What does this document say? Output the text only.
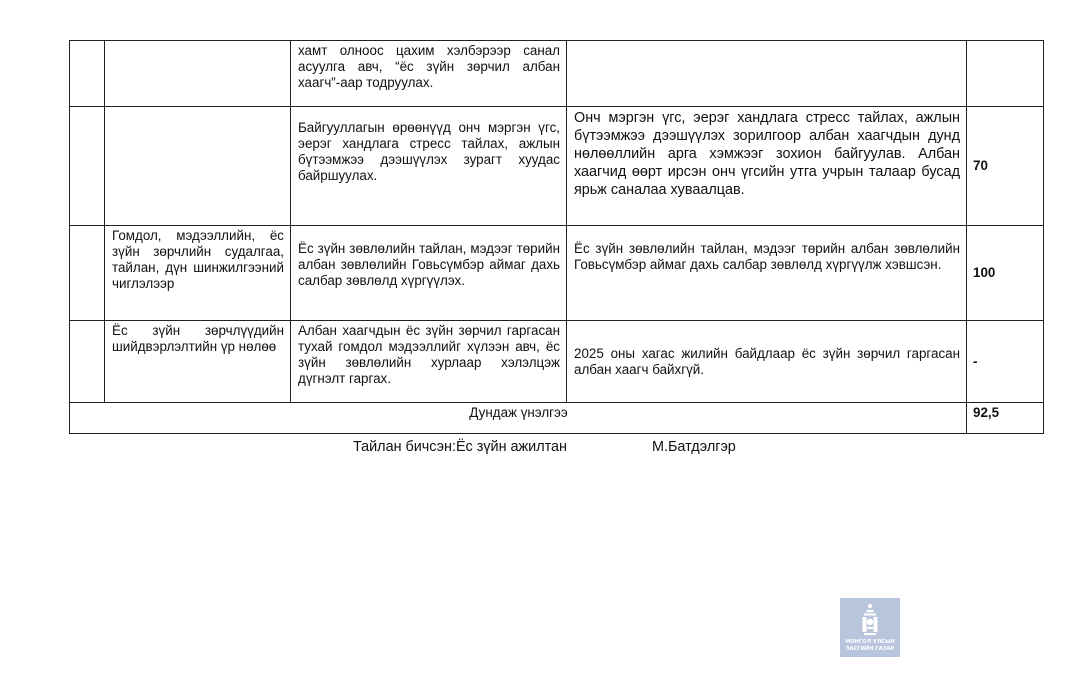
		хамт олноос цахим хэлбэрээр санал асуулга авч, “ёс зүйн зөрчил албан хаагч”-аар тодруулах.		
		Байгууллагын өрөөнүүд онч мэргэн үгс, эерэг хандлага стресс тайлах, ажлын бүтээмжээ дээшүүлэх зурагт хуудас байршуулах.	Онч мэргэн үгс, эерэг хандлага стресс тайлах, ажлын бүтээмжээ дээшүүлэх зорилгоор албан хаагчдын дунд нөлөөллийн арга хэмжээг зохион байгуулав. Албан хаагчид өөрт ирсэн онч үгсийн утга учрын талаар бусад ярьж саналаа хуваалцав.	70
	Гомдол, мэдээллийн, ёс зүйн зөрчлийн судалгаа, тайлан, дүн шинжилгээний чиглэлээр	Ёс зүйн зөвлөлийн тайлан, мэдээг төрийн албан зөвлөлийн Говьсүмбэр аймаг дахь салбар зөвлөлд хүргүүлэх.	Ёс зүйн зөвлөлийн тайлан, мэдээг төрийн албан зөвлөлийн Говьсүмбэр аймаг дахь салбар зөвлөлд хүргүүлж хэвшсэн.	100
	Ёс зүйн зөрчлүүдийн шийдвэрлэлтийн үр нөлөө	Албан хаагчдын ёс зүйн зөрчил гаргасан тухай гомдол мэдээллийг хүлээн авч, ёс зүйн зөвлөлийн хурлаар хэлэлцэж дүгнэлт гаргах.	2025 оны хагас жилийн байдлаар ёс зүйн зөрчил гаргасан албан хаагч байхгүй.	-
Дундаж үнэлгээ				92,5
Тайлан бичсэн:Ёс зүйн ажилтан	М.Батдэлгэр
МОНГОЛ УЛСЫН
ЗАСГИЙН ГАЗАР
